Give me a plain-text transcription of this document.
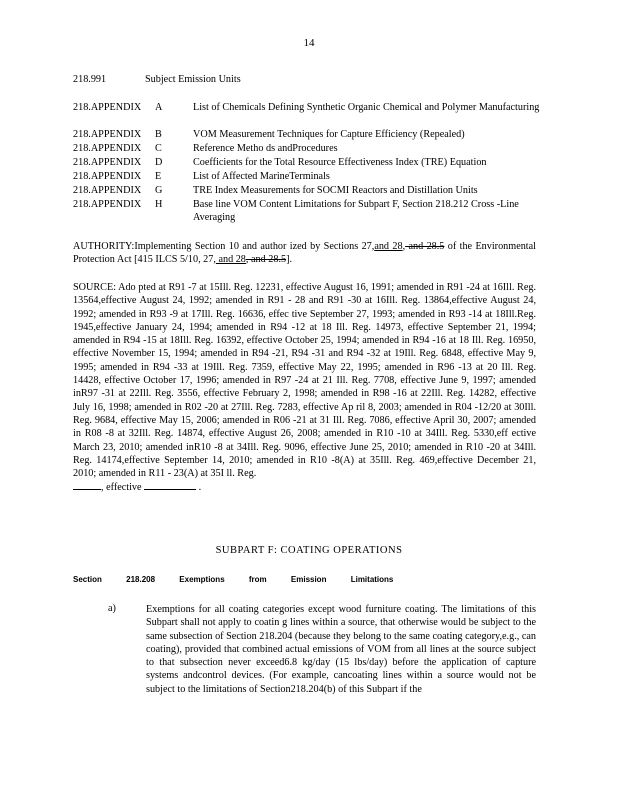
14
218.991	Subject Emission Units
218.APPENDIX A	List of Chemicals Defining Synthetic Organic Chemical and Polymer Manufacturing
218.APPENDIX B	VOM Measurement Techniques for Capture Efficiency (Repealed)
218.APPENDIX C	Reference Metho ds andProcedures
218.APPENDIX D	Coefficients for the Total Resource Effectiveness Index (TRE) Equation
218.APPENDIX E	List of Affected MarineTerminals
218.APPENDIX G	TRE Index Measurements for SOCMI Reactors and Distillation Units
218.APPENDIX H	Base line VOM Content Limitations for Subpart F, Section 218.212 Cross -Line Averaging
AUTHORITY:Implementing Section 10 and author ized by Sections 27,and 28, and 28.5 of the Environmental Protection Act [415 ILCS 5/10, 27, and 28, and 28.5].
SOURCE: Ado pted at R91 -7 at 15Ill. Reg. 12231, effective August 16, 1991; amended in R91 -24 at 16Ill. Reg. 13564,effective August 24, 1992; amended in R91 - 28 and R91 -30 at 16Ill. Reg. 13864,effective August 24, 1992; amended in R93 -9 at 17Ill. Reg. 16636, effec tive September 27, 1993; amended in R93 -14 at 18Ill.Reg. 1945,effective January 24, 1994; amended in R94 -12 at 18 Ill. Reg. 14973, effective September 21, 1994; amended in R94 -15 at 18Ill. Reg. 16392, effective October 25, 1994; amended in R94 -16 at 18 Ill. Reg. 16950, effective November 15, 1994; amended in R94 -21, R94 -31 and R94 -32 at 19Ill. Reg. 6848, effective May 9, 1995; amended in R94 -33 at 19Ill. Reg. 7359, effective May 22, 1995; amended in R96 -13 at 20 Ill. Reg. 14428, effective October 17, 1996; amended in R97 -24 at 21 Ill. Reg. 7708, effective June 9, 1997; amended inR97 -31 at 22Ill. Reg. 3556, effective February 2, 1998; amended in R98 -16 at 22Ill. Reg. 14282, effective July 16, 1998; amended in R02 -20 at 27Ill. Reg. 7283, effective Ap ril 8, 2003; amended in R04 -12/20 at 30Ill. Reg. 9684, effective May 15, 2006; amended in R06 -21 at 31 Ill. Reg. 7086, effective April 30, 2007; amended in R08 -8 at 32Ill. Reg. 14874, effective August 26, 2008; amended in R10 -10 at 34Ill. Reg. 5330,eff ective March 23, 2010; amended inR10 -8 at 34Ill. Reg. 9096, effective June 25, 2010; amended in R10 -20 at 34Ill. Reg. 14174,effective September 14, 2010; amended in R10 -8(A) at 35Ill. Reg. 469,effective December 21, 2010; amended in R11 - 23(A) at 35I ll. Reg.
, effective	.
SUBPART F: COATING OPERATIONS
Section	218.208	Exemptions	from	Emission	Limitations
a)	Exemptions for all coating categories except wood furniture coating. The limitations of this Subpart shall not apply to coatin g lines within a source, that otherwise would be subject to the same subsection of Section 218.204 (because they belong to the same coating category,e.g., can coating), provided that combined actual emissions of VOM from all lines at the source subject to that subsection never exceed6.8 kg/day (15 lbs/day) before the application of capture systems andcontrol devices. (For example, cancoating lines within a source would not be subject to the limitations of Section218.204(b) of this Subpart if the
